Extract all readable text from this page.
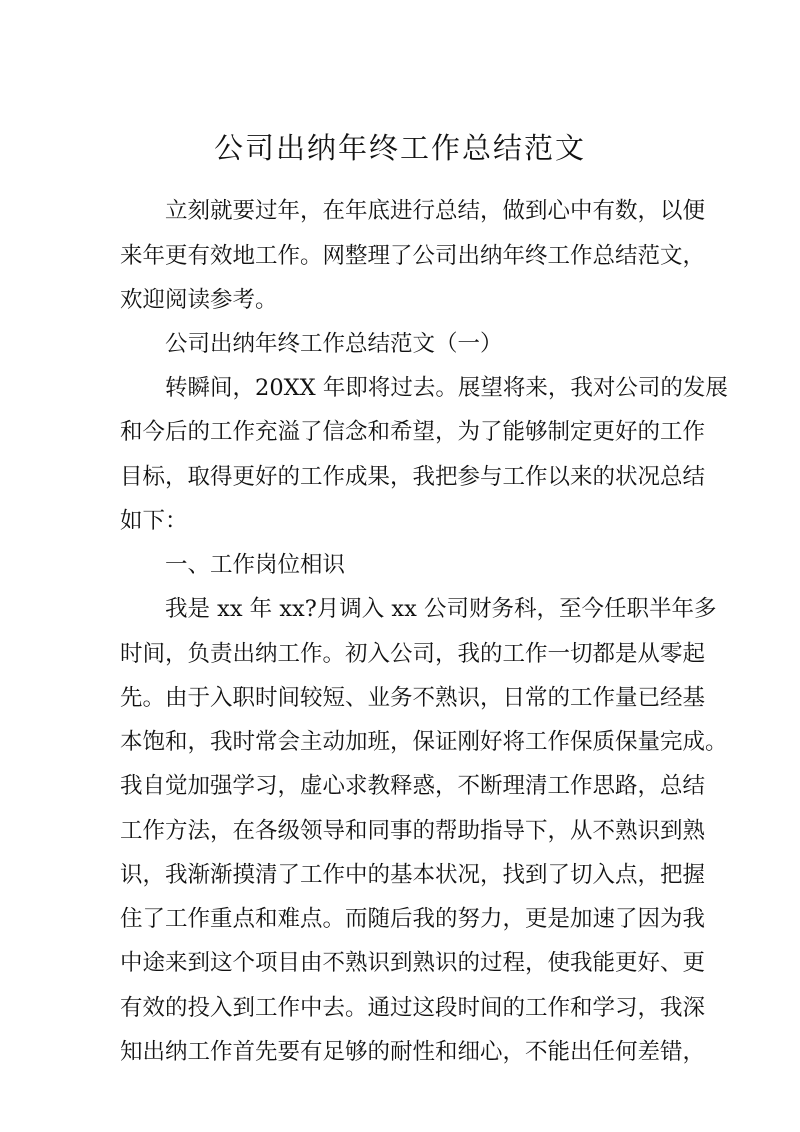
公司出纳年终工作总结范文
立刻就要过年，在年底进行总结，做到心中有数，以便
来年更有效地工作。网整理了公司出纳年终工作总结范文，
欢迎阅读参考。
公司出纳年终工作总结范文（一）
转瞬间，20XX 年即将过去。展望将来，我对公司的发展
和今后的工作充溢了信念和希望，为了能够制定更好的工作
目标，取得更好的工作成果，我把参与工作以来的状况总结
如下：
一、工作岗位相识
我是 xx 年 xx?月调入 xx 公司财务科，至今任职半年多
时间，负责出纳工作。初入公司，我的工作一切都是从零起
先。由于入职时间较短、业务不熟识，日常的工作量已经基
本饱和，我时常会主动加班，保证刚好将工作保质保量完成。
我自觉加强学习，虚心求教释惑，不断理清工作思路，总结
工作方法，在各级领导和同事的帮助指导下，从不熟识到熟
识，我渐渐摸清了工作中的基本状况，找到了切入点，把握
住了工作重点和难点。而随后我的努力，更是加速了因为我
中途来到这个项目由不熟识到熟识的过程，使我能更好、更
有效的投入到工作中去。通过这段时间的工作和学习，我深
知出纳工作首先要有足够的耐性和细心，不能出任何差错，
